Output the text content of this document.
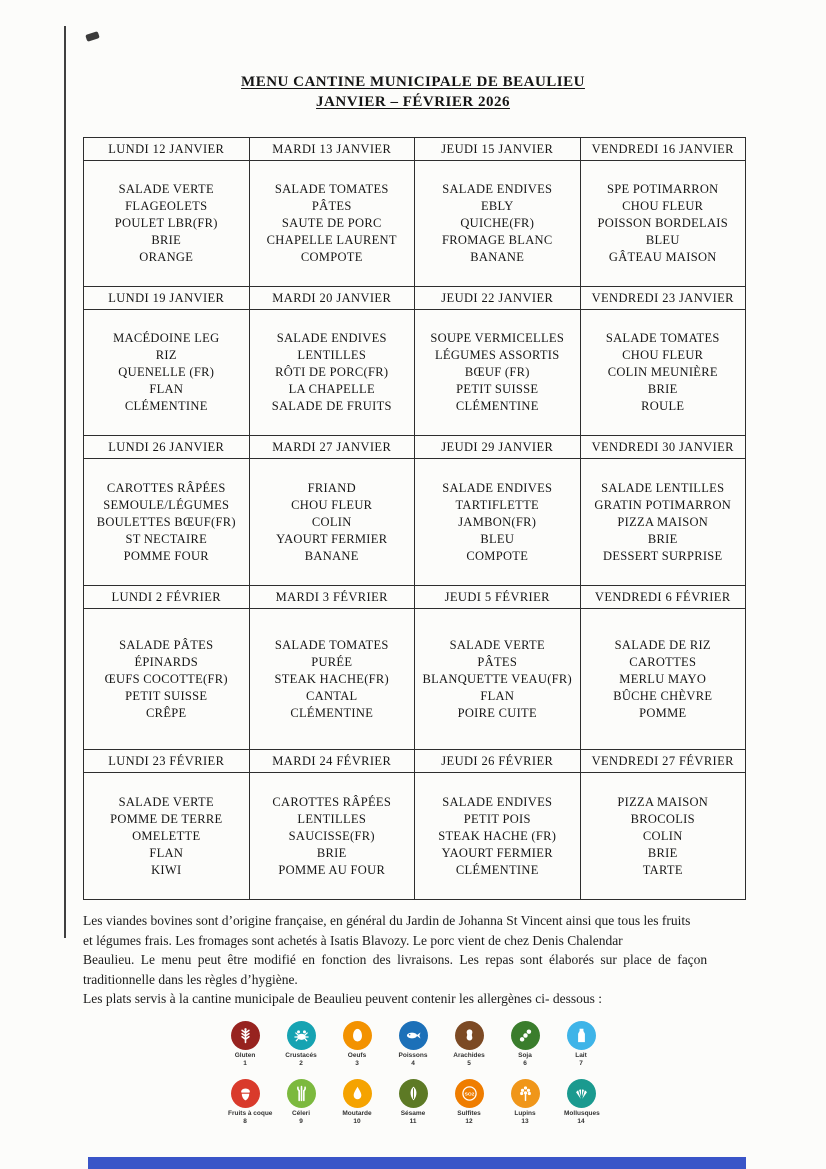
MENU CANTINE MUNICIPALE DE BEAULIEU
JANVIER – FÉVRIER 2026
LUNDI 12 JANVIER	MARDI 13 JANVIER	JEUDI 15 JANVIER	VENDREDI 16 JANVIER

SALADE VERTE
FLAGEOLETS
POULET LBR(FR)
BRIE
ORANGE

SALADE TOMATES
PÂTES
SAUTE DE PORC
CHAPELLE LAURENT
COMPOTE

SALADE ENDIVES
EBLY
QUICHE(FR)
FROMAGE BLANC
BANANE

SPE POTIMARRON
CHOU FLEUR
POISSON BORDELAIS
BLEU
GÂTEAU MAISON

LUNDI 19 JANVIER	MARDI 20 JANVIER	JEUDI 22 JANVIER	VENDREDI 23 JANVIER

MACÉDOINE LEG
RIZ
QUENELLE (FR)
FLAN
CLÉMENTINE

SALADE ENDIVES
LENTILLES
RÔTI DE PORC(FR)
LA CHAPELLE
SALADE DE FRUITS

SOUPE VERMICELLES
LÉGUMES ASSORTIS
BŒUF (FR)
PETIT SUISSE
CLÉMENTINE

SALADE TOMATES
CHOU FLEUR
COLIN MEUNIÈRE
BRIE
ROULE

LUNDI 26 JANVIER	MARDI 27 JANVIER	JEUDI 29 JANVIER	VENDREDI 30 JANVIER

CAROTTES RÂPÉES
SEMOULE/LÉGUMES
BOULETTES BŒUF(FR)
ST NECTAIRE
POMME FOUR

FRIAND
CHOU FLEUR
COLIN
YAOURT FERMIER
BANANE

SALADE ENDIVES
TARTIFLETTE
JAMBON(FR)
BLEU
COMPOTE

SALADE LENTILLES
GRATIN POTIMARRON
PIZZA MAISON
BRIE
DESSERT SURPRISE

LUNDI 2 FÉVRIER	MARDI 3 FÉVRIER	JEUDI 5 FÉVRIER	VENDREDI 6 FÉVRIER

SALADE PÂTES
ÉPINARDS
ŒUFS COCOTTE(FR)
PETIT SUISSE
CRÊPE

SALADE TOMATES
PURÉE
STEAK HACHE(FR)
CANTAL
CLÉMENTINE

SALADE VERTE
PÂTES
BLANQUETTE VEAU(FR)
FLAN
POIRE CUITE

SALADE DE RIZ
CAROTTES
MERLU MAYO
BÛCHE CHÈVRE
POMME

LUNDI 23 FÉVRIER	MARDI 24 FÉVRIER	JEUDI 26 FÉVRIER	VENDREDI 27 FÉVRIER

SALADE VERTE
POMME DE TERRE
OMELETTE
FLAN
KIWI

CAROTTES RÂPÉES
LENTILLES
SAUCISSE(FR)
BRIE
POMME AU FOUR

SALADE ENDIVES
PETIT POIS
STEAK HACHE (FR)
YAOURT FERMIER
CLÉMENTINE

PIZZA MAISON
BROCOLIS
COLIN
BRIE
TARTE
Les viandes bovines sont d’origine française, en général du Jardin de Johanna St Vincent ainsi que tous les fruits
et légumes frais. Les fromages sont achetés à Isatis Blavozy. Le porc vient de chez Denis Chalendar
Beaulieu. Le menu peut être modifié en fonction des livraisons. Les repas sont élaborés sur place de façon
traditionnelle dans les règles d’hygiène.
Les plats servis à la cantine municipale de Beaulieu peuvent contenir les allergènes ci- dessous :
Gluten
1
Crustacés
2
Oeufs
3
Poissons
4
Arachides
5
Soja
6
Lait
7
Fruits à coque
8
Céleri
9
Moutarde
10
Sésame
11
SO2
Sulfites
12
Lupins
13
Mollusques
14
